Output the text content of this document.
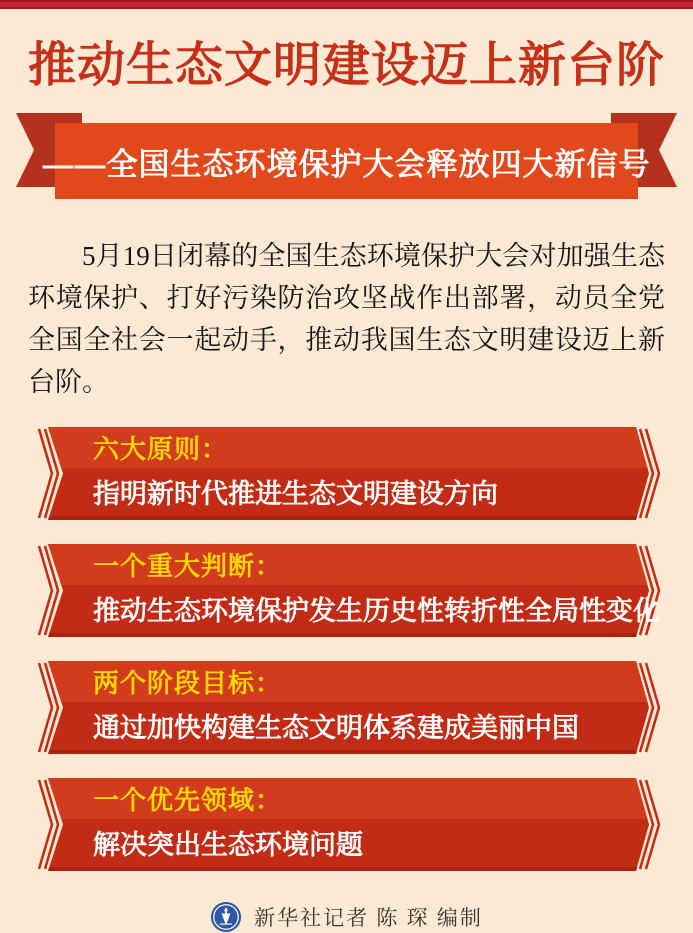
推动生态文明建设迈上新台阶
——全国生态环境保护大会释放四大新信号

5月19日闭幕的全国生态环境保护大会对加强生态环境保护、打好污染防治攻坚战作出部署，动员全党全国全社会一起动手，推动我国生态文明建设迈上新台阶。

六大原则：
指明新时代推进生态文明建设方向
一个重大判断：
推动生态环境保护发生历史性转折性全局性变化
两个阶段目标：
通过加快构建生态文明体系建成美丽中国
一个优先领域：
解决突出生态环境问题
新华社记者 陈 琛 编制
